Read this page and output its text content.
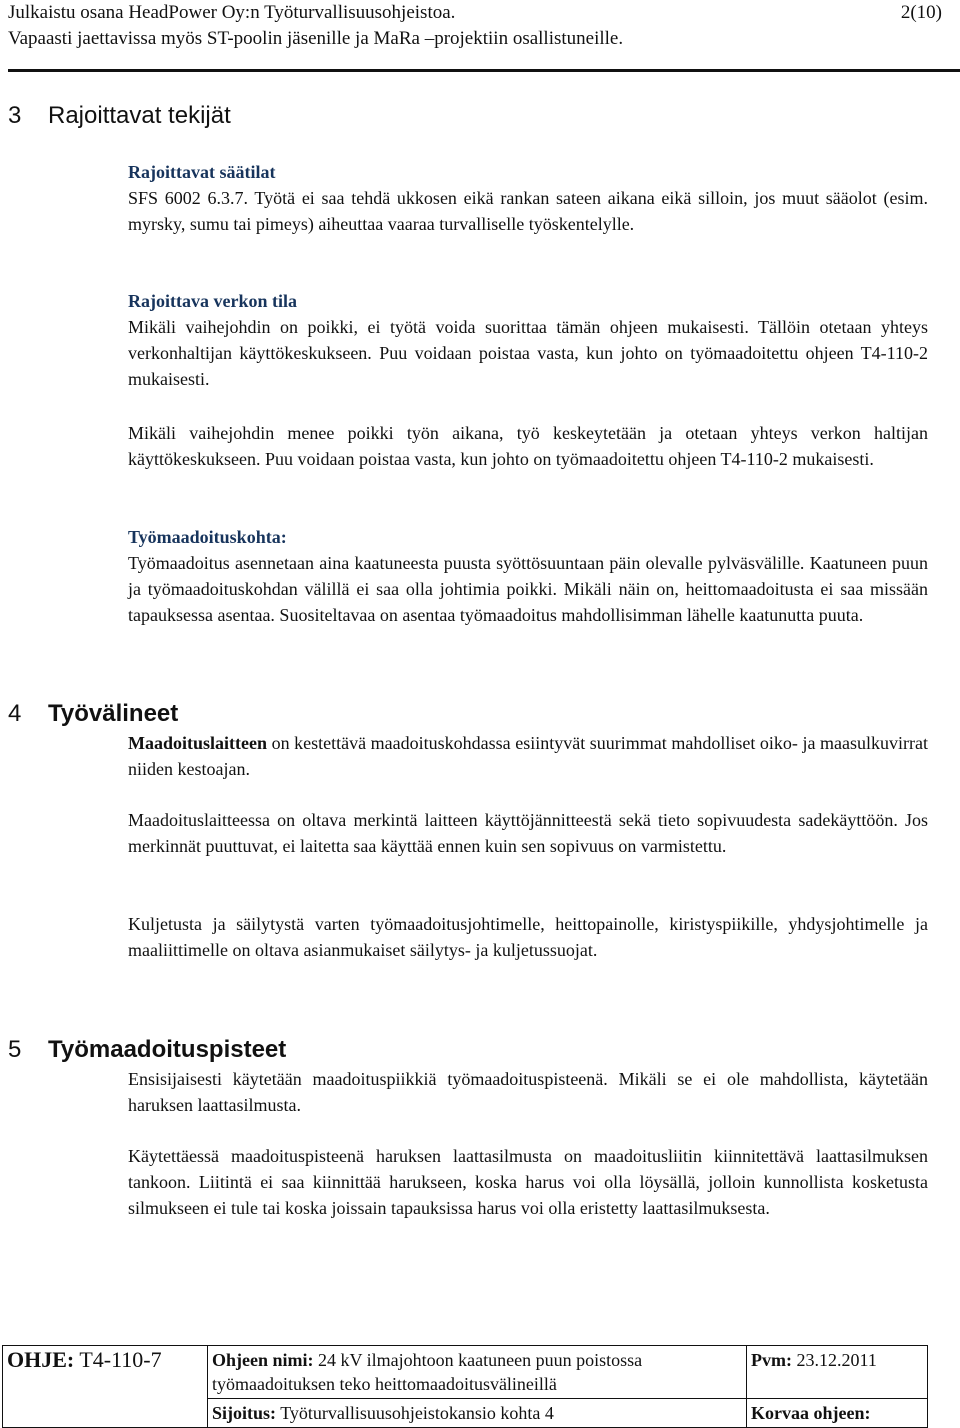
Julkaistu osana HeadPower Oy:n Työturvallisuusohjeistoa.
Vapaasti jaettavissa myös ST-poolin jäsenille ja MaRa –projektiin osallistuneille.
2(10)
3 Rajoittavat tekijät
Rajoittavat säätilat

SFS 6002 6.3.7. Työtä ei saa tehdä ukkosen eikä rankan sateen aikana eikä silloin, jos muut sääolot (esim. myrsky, sumu tai pimeys) aiheuttaa vaaraa turvalliselle työskentelylle.

Rajoittava verkon tila

Mikäli vaihejohdin on poikki, ei työtä voida suorittaa tämän ohjeen mukaisesti. Tällöin otetaan yhteys verkonhaltijan käyttökeskukseen. Puu voidaan poistaa vasta, kun johto on työmaadoitettu ohjeen T4-110-2 mukaisesti.

Mikäli vaihejohdin menee poikki työn aikana, työ keskeytetään ja otetaan yhteys verkon haltijan käyttökeskukseen. Puu voidaan poistaa vasta, kun johto on työmaadoitettu ohjeen T4-110-2 mukaisesti.

Työmaadoituskohta:

Työmaadoitus asennetaan aina kaatuneesta puusta syöttösuuntaan päin olevalle pylväsvälille. Kaatuneen puun ja työmaadoituskohdan välillä ei saa olla johtimia poikki. Mikäli näin on, heittomaadoitusta ei saa missään tapauksessa asentaa. Suositeltavaa on asentaa työmaadoitus mahdollisimman lähelle kaatunutta puuta.

4 Työvälineet

Maadoituslaitteen on kestettävä maadoituskohdassa esiintyvät suurimmat mahdolliset oiko- ja maasulkuvirrat niiden kestoajan.

Maadoituslaitteessa on oltava merkintä laitteen käyttöjännitteestä sekä tieto sopivuudesta sadekäyttöön. Jos merkinnät puuttuvat, ei laitetta saa käyttää ennen kuin sen sopivuus on varmistettu.

Kuljetusta ja säilytystä varten työmaadoitusjohtimelle, heittopainolle, kiristyspiikille, yhdysjohtimelle ja maaliittimelle on oltava asianmukaiset säilytys- ja kuljetussuojat.

5 Työmaadoituspisteet

Ensisijaisesti käytetään maadoituspiikkiä työmaadoituspisteenä. Mikäli se ei ole mahdollista, käytetään haruksen laattasilmusta.

Käytettäessä maadoituspisteenä haruksen laattasilmusta on maadoitusliitin kiinnitettävä laattasilmuksen tankoon. Liitintä ei saa kiinnittää harukseen, koska harus voi olla löysällä, jolloin kunnollista kosketusta silmukseen ei tule tai koska joissain tapauksissa harus voi olla eristetty laattasilmuksesta.

OHJE: T4-110-7	Ohjeen nimi: 24 kV ilmajohtoon kaatuneen puun poistossa työmaadoituksen teko heittomaadoitusvälineillä	Pvm: 23.12.2011
	Sijoitus: Työturvallisuusohjeistokansio kohta 4	Korvaa ohjeen:
